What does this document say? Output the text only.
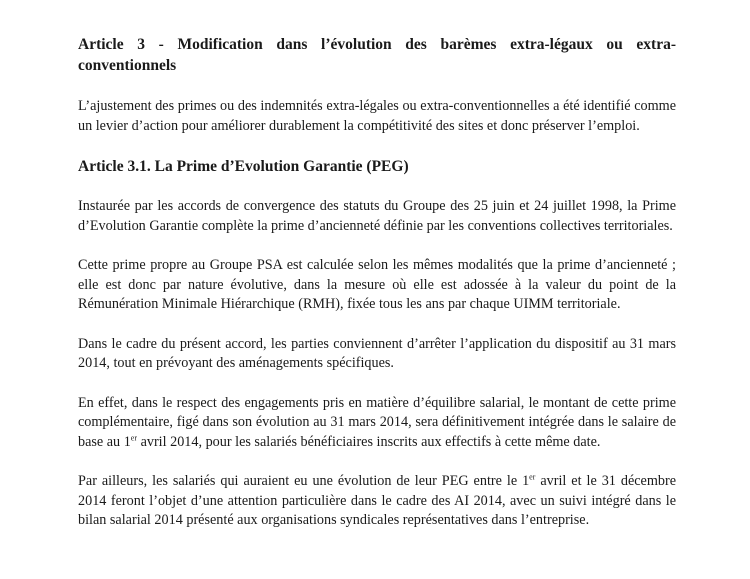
Article 3 - Modification dans l’évolution des barèmes extra-légaux ou extra-conventionnels

L’ajustement des primes ou des indemnités extra-légales ou extra-conventionnelles a été identifié comme un levier d’action pour améliorer durablement la compétitivité des sites et donc préserver l’emploi.

Article 3.1. La Prime d’Evolution Garantie (PEG)

Instaurée par les accords de convergence des statuts du Groupe des 25 juin et 24 juillet 1998, la Prime d’Evolution Garantie complète la prime d’ancienneté définie par les conventions collectives territoriales.

Cette prime propre au Groupe PSA est calculée selon les mêmes modalités que la prime d’ancienneté ; elle est donc par nature évolutive, dans la mesure où elle est adossée à la valeur du point de la Rémunération Minimale Hiérarchique (RMH), fixée tous les ans par chaque UIMM territoriale.

Dans le cadre du présent accord, les parties conviennent d’arrêter l’application du dispositif au 31 mars 2014, tout en prévoyant des aménagements spécifiques.

En effet, dans le respect des engagements pris en matière d’équilibre salarial, le montant de cette prime complémentaire, figé dans son évolution au 31 mars 2014, sera définitivement intégrée dans le salaire de base au 1er avril 2014, pour les salariés bénéficiaires inscrits aux effectifs à cette même date.

Par ailleurs, les salariés qui auraient eu une évolution de leur PEG entre le 1er avril et le 31 décembre 2014 feront l’objet d’une attention particulière dans le cadre des AI 2014, avec un suivi intégré dans le bilan salarial 2014 présenté aux organisations syndicales représentatives dans l’entreprise.
